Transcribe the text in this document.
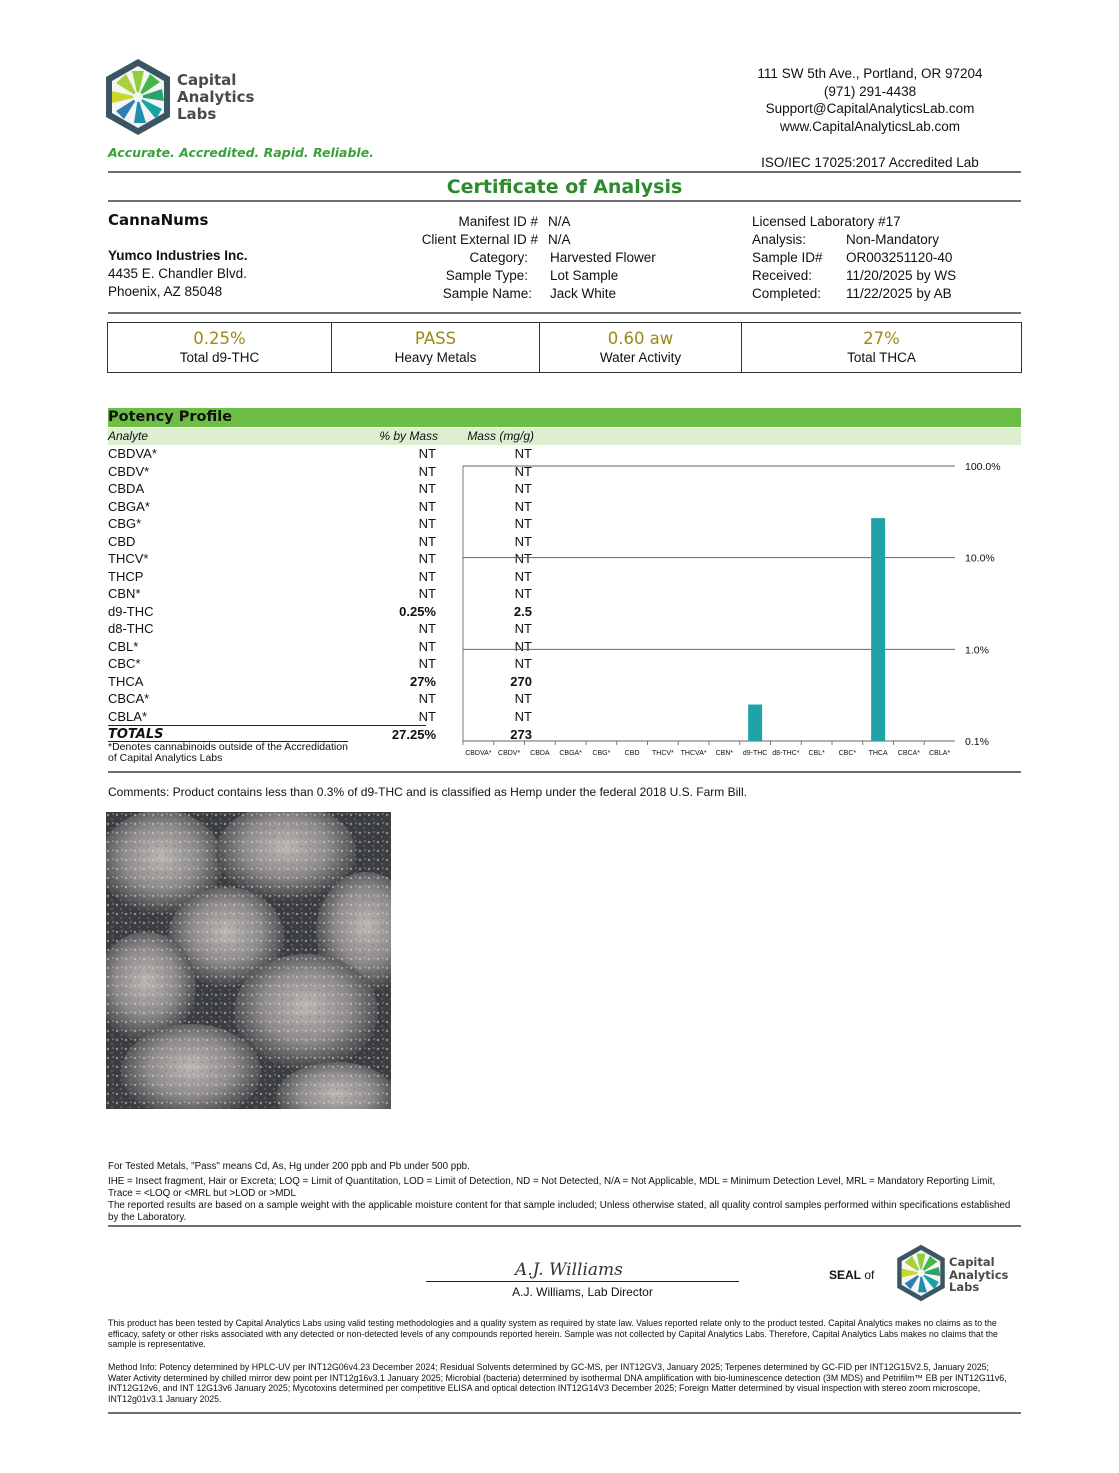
Capital
Analytics
Labs
Accurate. Accredited. Rapid. Reliable.
111 SW 5th Ave., Portland, OR 97204
(971) 291-4438
Support@CapitalAnalyticsLab.com
www.CapitalAnalyticsLab.com
ISO/IEC 17025:2017 Accredited Lab
Certificate of Analysis
CannaNums
Yumco Industries Inc.
4435 E. Chandler Blvd.
Phoenix, AZ 85048
Manifest ID # N/A
Client External ID # N/A
Category: Harvested Flower
Sample Type: Lot Sample
Sample Name: Jack White
Licensed Laboratory #17
Analysis:	Non-Mandatory
Sample ID#	OR003251120-40
Received:	11/20/2025 by WS
Completed:	11/22/2025 by AB
0.25%
Total d9-THC
PASS
Heavy Metals
0.60 aw
Water Activity
27%
Total THCA
Potency Profile
Analyte	% by Mass	Mass (mg/g)
CBDVA*	NT	NT
CBDV*	NT	NT
CBDA	NT	NT
CBGA*	NT	NT
CBG*	NT	NT
CBD	NT	NT
THCV*	NT	NT
THCP	NT	NT
CBN*	NT	NT
d9-THC	0.25%	2.5
d8-THC	NT	NT
CBL*	NT	NT
CBC*	NT	NT
THCA	27%	270
CBCA*	NT	NT
CBLA*	NT	NT
TOTALS	27.25%	273
*Denotes cannabinoids outside of the Accredidation of Capital Analytics Labs
100.0%
10.0%
1.0%
0.1%
CBDVA* CBDV* CBDA CBGA* CBG* CBD THCV* THCVA* CBN* d9-THC d8-THC* CBL* CBC* THCA CBCA* CBLA*
Comments: Product contains less than 0.3% of d9-THC and is classified as Hemp under the federal 2018 U.S. Farm Bill.
For Tested Metals, "Pass" means Cd, As, Hg under 200 ppb and Pb under 500 ppb.
IHE = Insect fragment, Hair or Excreta; LOQ = Limit of Quantitation, LOD = Limit of Detection, ND = Not Detected, N/A = Not Applicable, MDL = Minimum Detection Level, MRL = Mandatory Reporting Limit, Trace = <LOQ or <MRL but >LOD or >MDL
The reported results are based on a sample weight with the applicable moisture content for that sample included; Unless otherwise stated, all quality control samples performed within specifications established by the Laboratory.
A.J. Williams
A.J. Williams, Lab Director
SEAL of
Capital
Analytics
Labs
This product has been tested by Capital Analytics Labs using valid testing methodologies and a quality system as required by state law. Values reported relate only to the product tested. Capital Analytics makes no claims as to the efficacy, safety or other risks associated with any detected or non-detected levels of any compounds reported herein. Sample was not collected by Capital Analytics Labs. Therefore, Capital Analytics Labs makes no claims that the sample is representative.
Method Info: Potency determined by HPLC-UV per INT12G06v4.23 December 2024; Residual Solvents determined by GC-MS, per INT12GV3, January 2025; Terpenes determined by GC-FID per INT12G15V2.5, January 2025; Water Activity determined by chilled mirror dew point per INT12g16v3.1 January 2025; Microbial (bacteria) determined by isothermal DNA amplification with bio-luminescence detection (3M MDS) and Petrifilm™ EB per INT12G11v6, INT12G12v6, and INT 12G13v6 January 2025; Mycotoxins determined per competitive ELISA and optical detection INT12G14V3 December 2025; Foreign Matter determined by visual inspection with stereo zoom microscope, INT12g01v3.1 January 2025.
